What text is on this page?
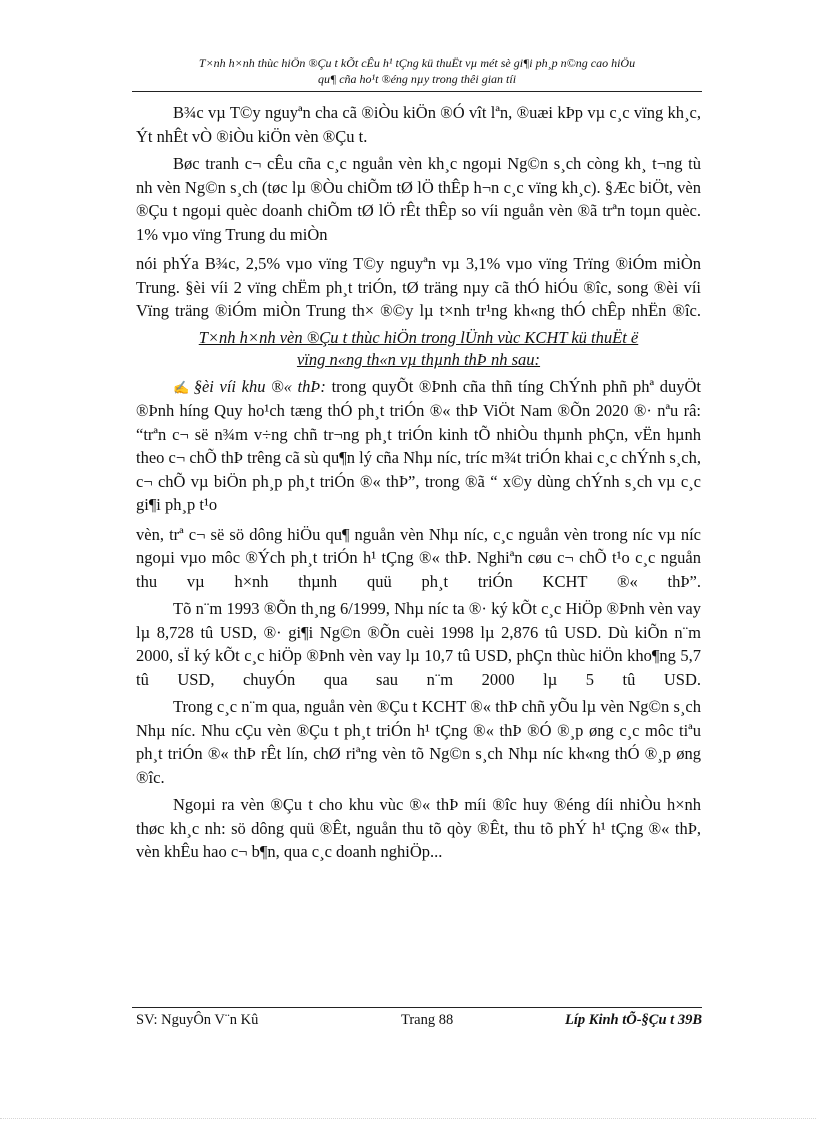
T×nh h×nh thùc hiÖn ®Çu t kÕt cÊu h¹ tÇng kü thuËt vµ mét sè gi¶i ph¸p n©ng cao hiÖu
qu¶ cña ho¹t ®éng nµy trong thêi gian tíi

B¾c vµ T©y nguyªn cha cã ®iÒu kiÖn ®Ó vît lªn, ®uæi kÞp vµ c¸c vïng kh¸c, Ýt nhÊt vÒ ®iÒu kiÖn vèn ®Çu t.

Bøc tranh c¬ cÊu cña c¸c nguån vèn kh¸c ngoµi Ng©n s¸ch còng kh¸ t¬ng tù nh vèn Ng©n s¸ch (tøc lµ ®Òu chiÕm tØ lÖ thÊp h¬n c¸c vïng kh¸c). §Æc biÖt, vèn ®Çu t ngoµi quèc doanh chiÕm tØ lÖ rÊt thÊp so víi nguån vèn ®ã trªn toµn quèc. 1% vµo vïng Trung du miÒn

nói phÝa B¾c, 2,5% vµo vïng T©y nguyªn vµ 3,1% vµo vïng Trïng ®iÓm miÒn Trung. §èi víi 2 vïng chËm ph¸t triÓn, tØ träng nµy cã thÓ hiÓu ®îc, song ®èi víi Vïng träng ®iÓm miÒn Trung th× ®©y lµ t×nh tr¹ng kh«ng thÓ chÊp nhËn ®îc.

T×nh h×nh vèn ®Çu t thùc hiÖn trong lÜnh vùc KCHT kü thuËt ë
vïng n«ng th«n vµ thµnh thÞ nh sau:

✍ §èi víi khu ®« thÞ: trong quyÕt ®Þnh cña thñ tíng ChÝnh phñ phª duyÖt ®Þnh híng Quy ho¹ch tæng thÓ ph¸t triÓn ®« thÞ ViÖt Nam ®Õn 2020 ®· nªu râ: “trªn c¬ së n¾m v÷ng chñ tr¬ng ph¸t triÓn kinh tÕ nhiÒu thµnh phÇn, vËn hµnh theo c¬ chÕ thÞ trêng cã sù qu¶n lý cña Nhµ níc, tríc m¾t triÓn khai c¸c chÝnh s¸ch, c¬ chÕ vµ biÖn ph¸p ph¸t triÓn ®« thÞ”, trong ®ã “ x©y dùng chÝnh s¸ch vµ c¸c gi¶i ph¸p t¹o

vèn, trª c¬ së sö dông hiÖu qu¶ nguån vèn Nhµ níc, c¸c nguån vèn trong níc vµ níc ngoµi vµo môc ®Ých ph¸t triÓn h¹ tÇng ®« thÞ. Nghiªn cøu c¬ chÕ t¹o c¸c nguån thu vµ h×nh thµnh quü ph¸t triÓn KCHT ®« thÞ”.

Tõ n¨m 1993 ®Õn th¸ng 6/1999, Nhµ níc ta ®· ký kÕt c¸c HiÖp ®Þnh vèn vay lµ 8,728 tû USD, ®· gi¶i Ng©n ®Õn cuèi 1998 lµ 2,876 tû USD. Dù kiÕn n¨m 2000, sÏ ký kÕt c¸c hiÖp ®Þnh vèn vay lµ 10,7 tû USD, phÇn thùc hiÖn kho¶ng 5,7 tû USD, chuyÓn qua sau n¨m 2000 lµ 5 tû USD.

Trong c¸c n¨m qua, nguån vèn ®Çu t KCHT ®« thÞ chñ yÕu lµ vèn Ng©n s¸ch Nhµ níc. Nhu cÇu vèn ®Çu t ph¸t triÓn h¹ tÇng ®« thÞ ®Ó ®¸p øng c¸c môc tiªu ph¸t triÓn ®« thÞ rÊt lín, chØ riªng vèn tõ Ng©n s¸ch Nhµ níc kh«ng thÓ ®¸p øng ®îc.

Ngoµi ra vèn ®Çu t cho khu vùc ®« thÞ míi ®îc huy ®éng díi nhiÒu h×nh thøc kh¸c nh: sö dông quü ®Êt, nguån thu tõ qòy ®Êt, thu tõ phÝ h¹ tÇng ®« thÞ, vèn khÊu hao c¬ b¶n, qua c¸c doanh nghiÖp...

SV: NguyÔn V¨n Kû	Trang 88	Líp Kinh tÕ-§Çu t 39B
